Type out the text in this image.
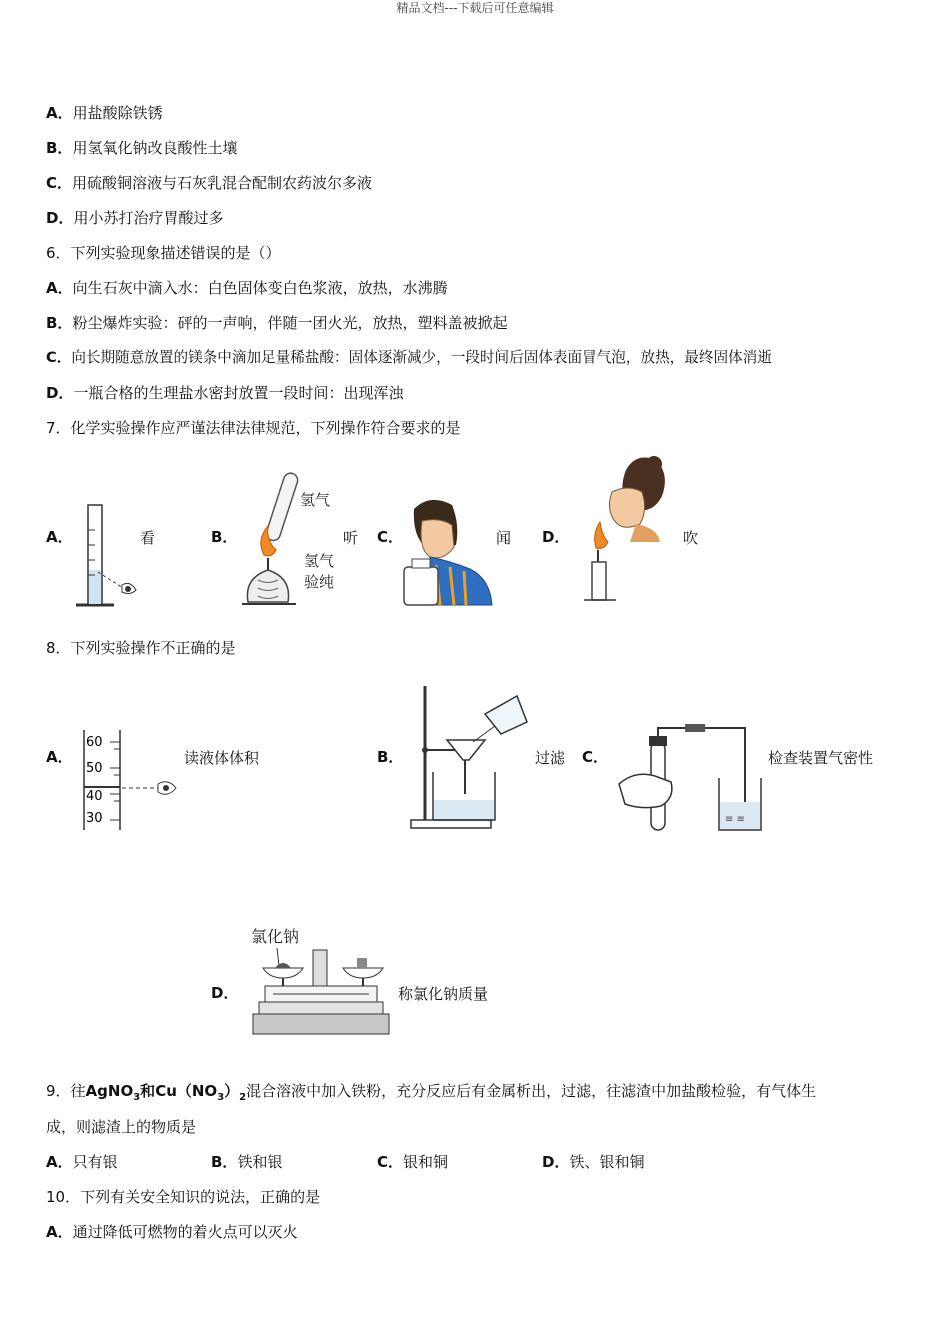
精品文档---下载后可任意编辑
A．用盐酸除铁锈
B．用氢氧化钠改良酸性土壤
C．用硫酸铜溶液与石灰乳混合配制农药波尔多液
D．用小苏打治疗胃酸过多
6．下列实验现象描述错误的是（）
A．向生石灰中滴入水：白色固体变白色浆液，放热，水沸腾
B．粉尘爆炸实验：砰的一声响，伴随一团火光，放热，塑料盖被掀起
C．向长期随意放置的镁条中滴加足量稀盐酸：固体逐渐减少，一段时间后固体表面冒气泡，放热，最终固体消逝
D．一瓶合格的生理盐水密封放置一段时间：出现浑浊
7．化学实验操作应严谨法律法律规范，下列操作符合要求的是
A．	看	B．
氢气
氢气
验纯
听 C．	闻 D．	吹
8．下列实验操作不正确的是
A．
60
50
40
30
读液体体积	B．	过滤 C．
≡ ≡
检查装置气密性
D．
氯化钠
称氯化钠质量
9．往AgNO$_3$和$Cu(NO_3)_2$混合溶液中加入铁粉，充分反应后有金属析出，过滤，往滤渣中加盐酸检验，有气体生
成，则滤渣上的物质是
A．只有银	B．铁和银	C．银和铜	D．铁、银和铜
10．下列有关安全知识的说法，正确的是
A．通过降低可燃物的着火点可以灭火
